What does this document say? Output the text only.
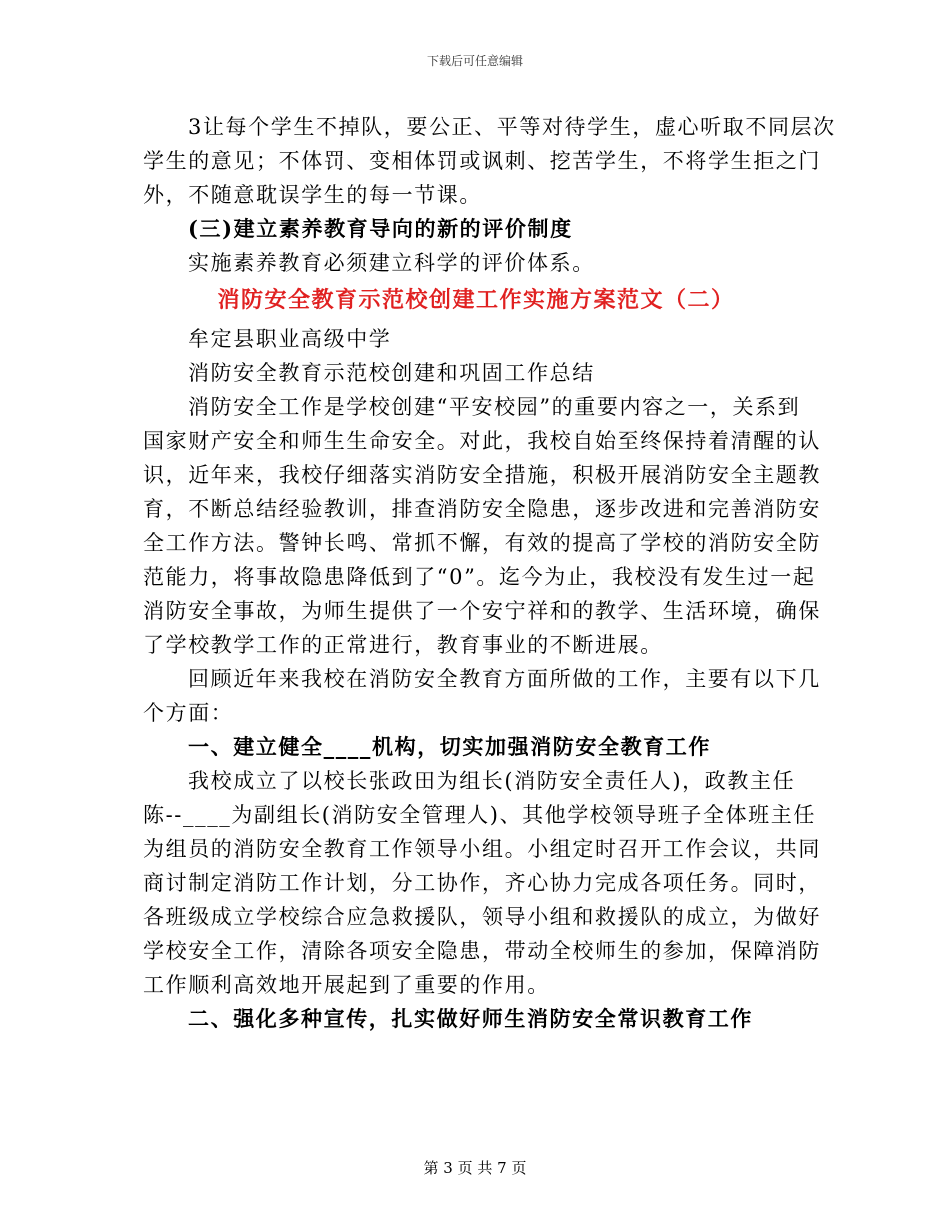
下载后可任意编辑
3让每个学生不掉队，要公正、平等对待学生，虚心听取不同层次
学生的意见；不体罚、变相体罚或讽刺、挖苦学生，不将学生拒之门
外，不随意耽误学生的每一节课。
(三)建立素养教育导向的新的评价制度
实施素养教育必须建立科学的评价体系。
消防安全教育示范校创建工作实施方案范文（二）
牟定县职业高级中学
消防安全教育示范校创建和巩固工作总结
消防安全工作是学校创建“平安校园”的重要内容之一，关系到
国家财产安全和师生生命安全。对此，我校自始至终保持着清醒的认
识，近年来，我校仔细落实消防安全措施，积极开展消防安全主题教
育，不断总结经验教训，排查消防安全隐患，逐步改进和完善消防安
全工作方法。警钟长鸣、常抓不懈，有效的提高了学校的消防安全防
范能力，将事故隐患降低到了“0”。迄今为止，我校没有发生过一起
消防安全事故，为师生提供了一个安宁祥和的教学、生活环境，确保
了学校教学工作的正常进行，教育事业的不断进展。
回顾近年来我校在消防安全教育方面所做的工作，主要有以下几
个方面：
一、建立健全____机构，切实加强消防安全教育工作
我校成立了以校长张政田为组长(消防安全责任人)，政教主任
陈--____为副组长(消防安全管理人)、其他学校领导班子全体班主任
为组员的消防安全教育工作领导小组。小组定时召开工作会议，共同
商讨制定消防工作计划，分工协作，齐心协力完成各项任务。同时，
各班级成立学校综合应急救援队，领导小组和救援队的成立，为做好
学校安全工作，清除各项安全隐患，带动全校师生的参加，保障消防
工作顺利高效地开展起到了重要的作用。
二、强化多种宣传，扎实做好师生消防安全常识教育工作
第 3 页 共 7 页
